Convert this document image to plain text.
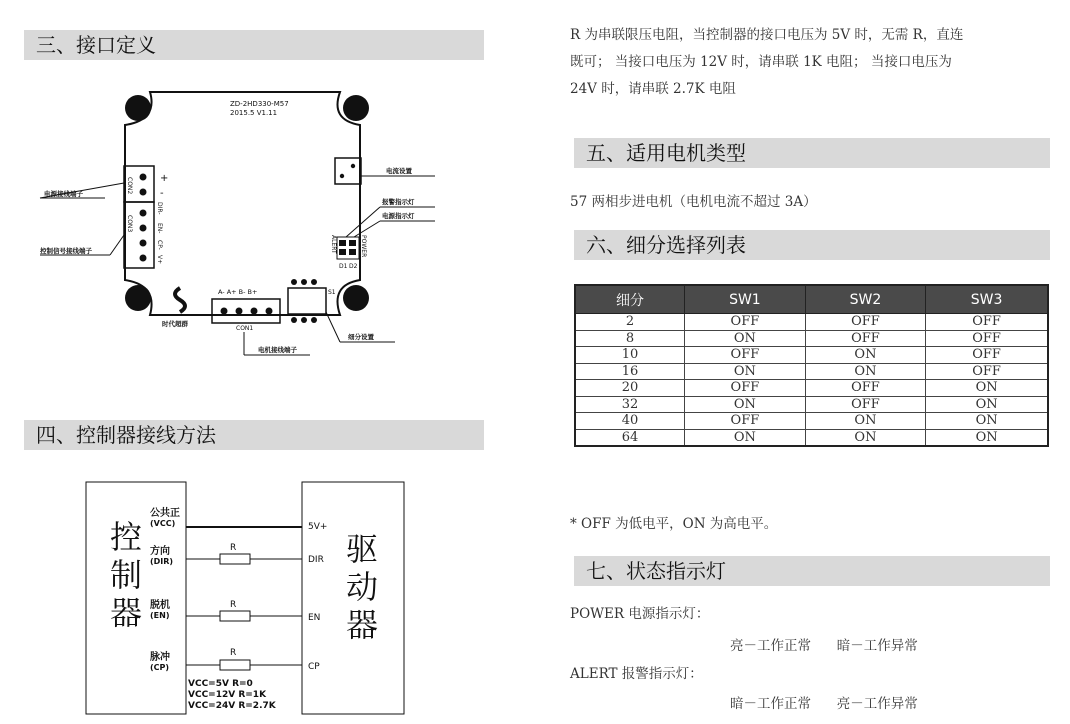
三、接口定义
ZD-2HD330-M57
2015.5 V1.11
CON2	+
-
CON3
DIR-
EN-
CP-
V+
电源接线端子
控制信号接线端子
电流设置
ALERT	POWER
D1 D2
报警指示灯
电源指示灯
S1
细分设置
A- A+ B- B+
CON1
电机接线端子
时代超群
四、控制器接线方法
控
制
器
驱
动
器
公共正
(VCC)	5V+
方向
(DIR)
R
DIR
脱机
(EN)
R
EN
脉冲
(CP)
R
CP
VCC=5V R=0
VCC=12V R=1K
VCC=24V R=2.7K
R 为串联限压电阻，当控制器的接口电压为 5V 时，无需 R，直连
既可； 当接口电压为 12V 时，请串联 1K 电阻； 当接口电压为
24V 时，请串联 2.7K 电阻
五、适用电机类型
57 两相步进电机（电机电流不超过 3A）
六、细分选择列表
细分	SW1	SW2	SW3
2	OFF	OFF	OFF
8	ON	OFF	OFF
10	OFF	ON	OFF
16	ON	ON	OFF
20	OFF	OFF	ON
32	ON	OFF	ON
40	OFF	ON	ON
64	ON	ON	ON
* OFF 为低电平，ON 为高电平。
七、状态指示灯
POWER 电源指示灯：
亮－工作正常      暗－工作异常
ALERT 报警指示灯：
暗－工作正常      亮－工作异常
